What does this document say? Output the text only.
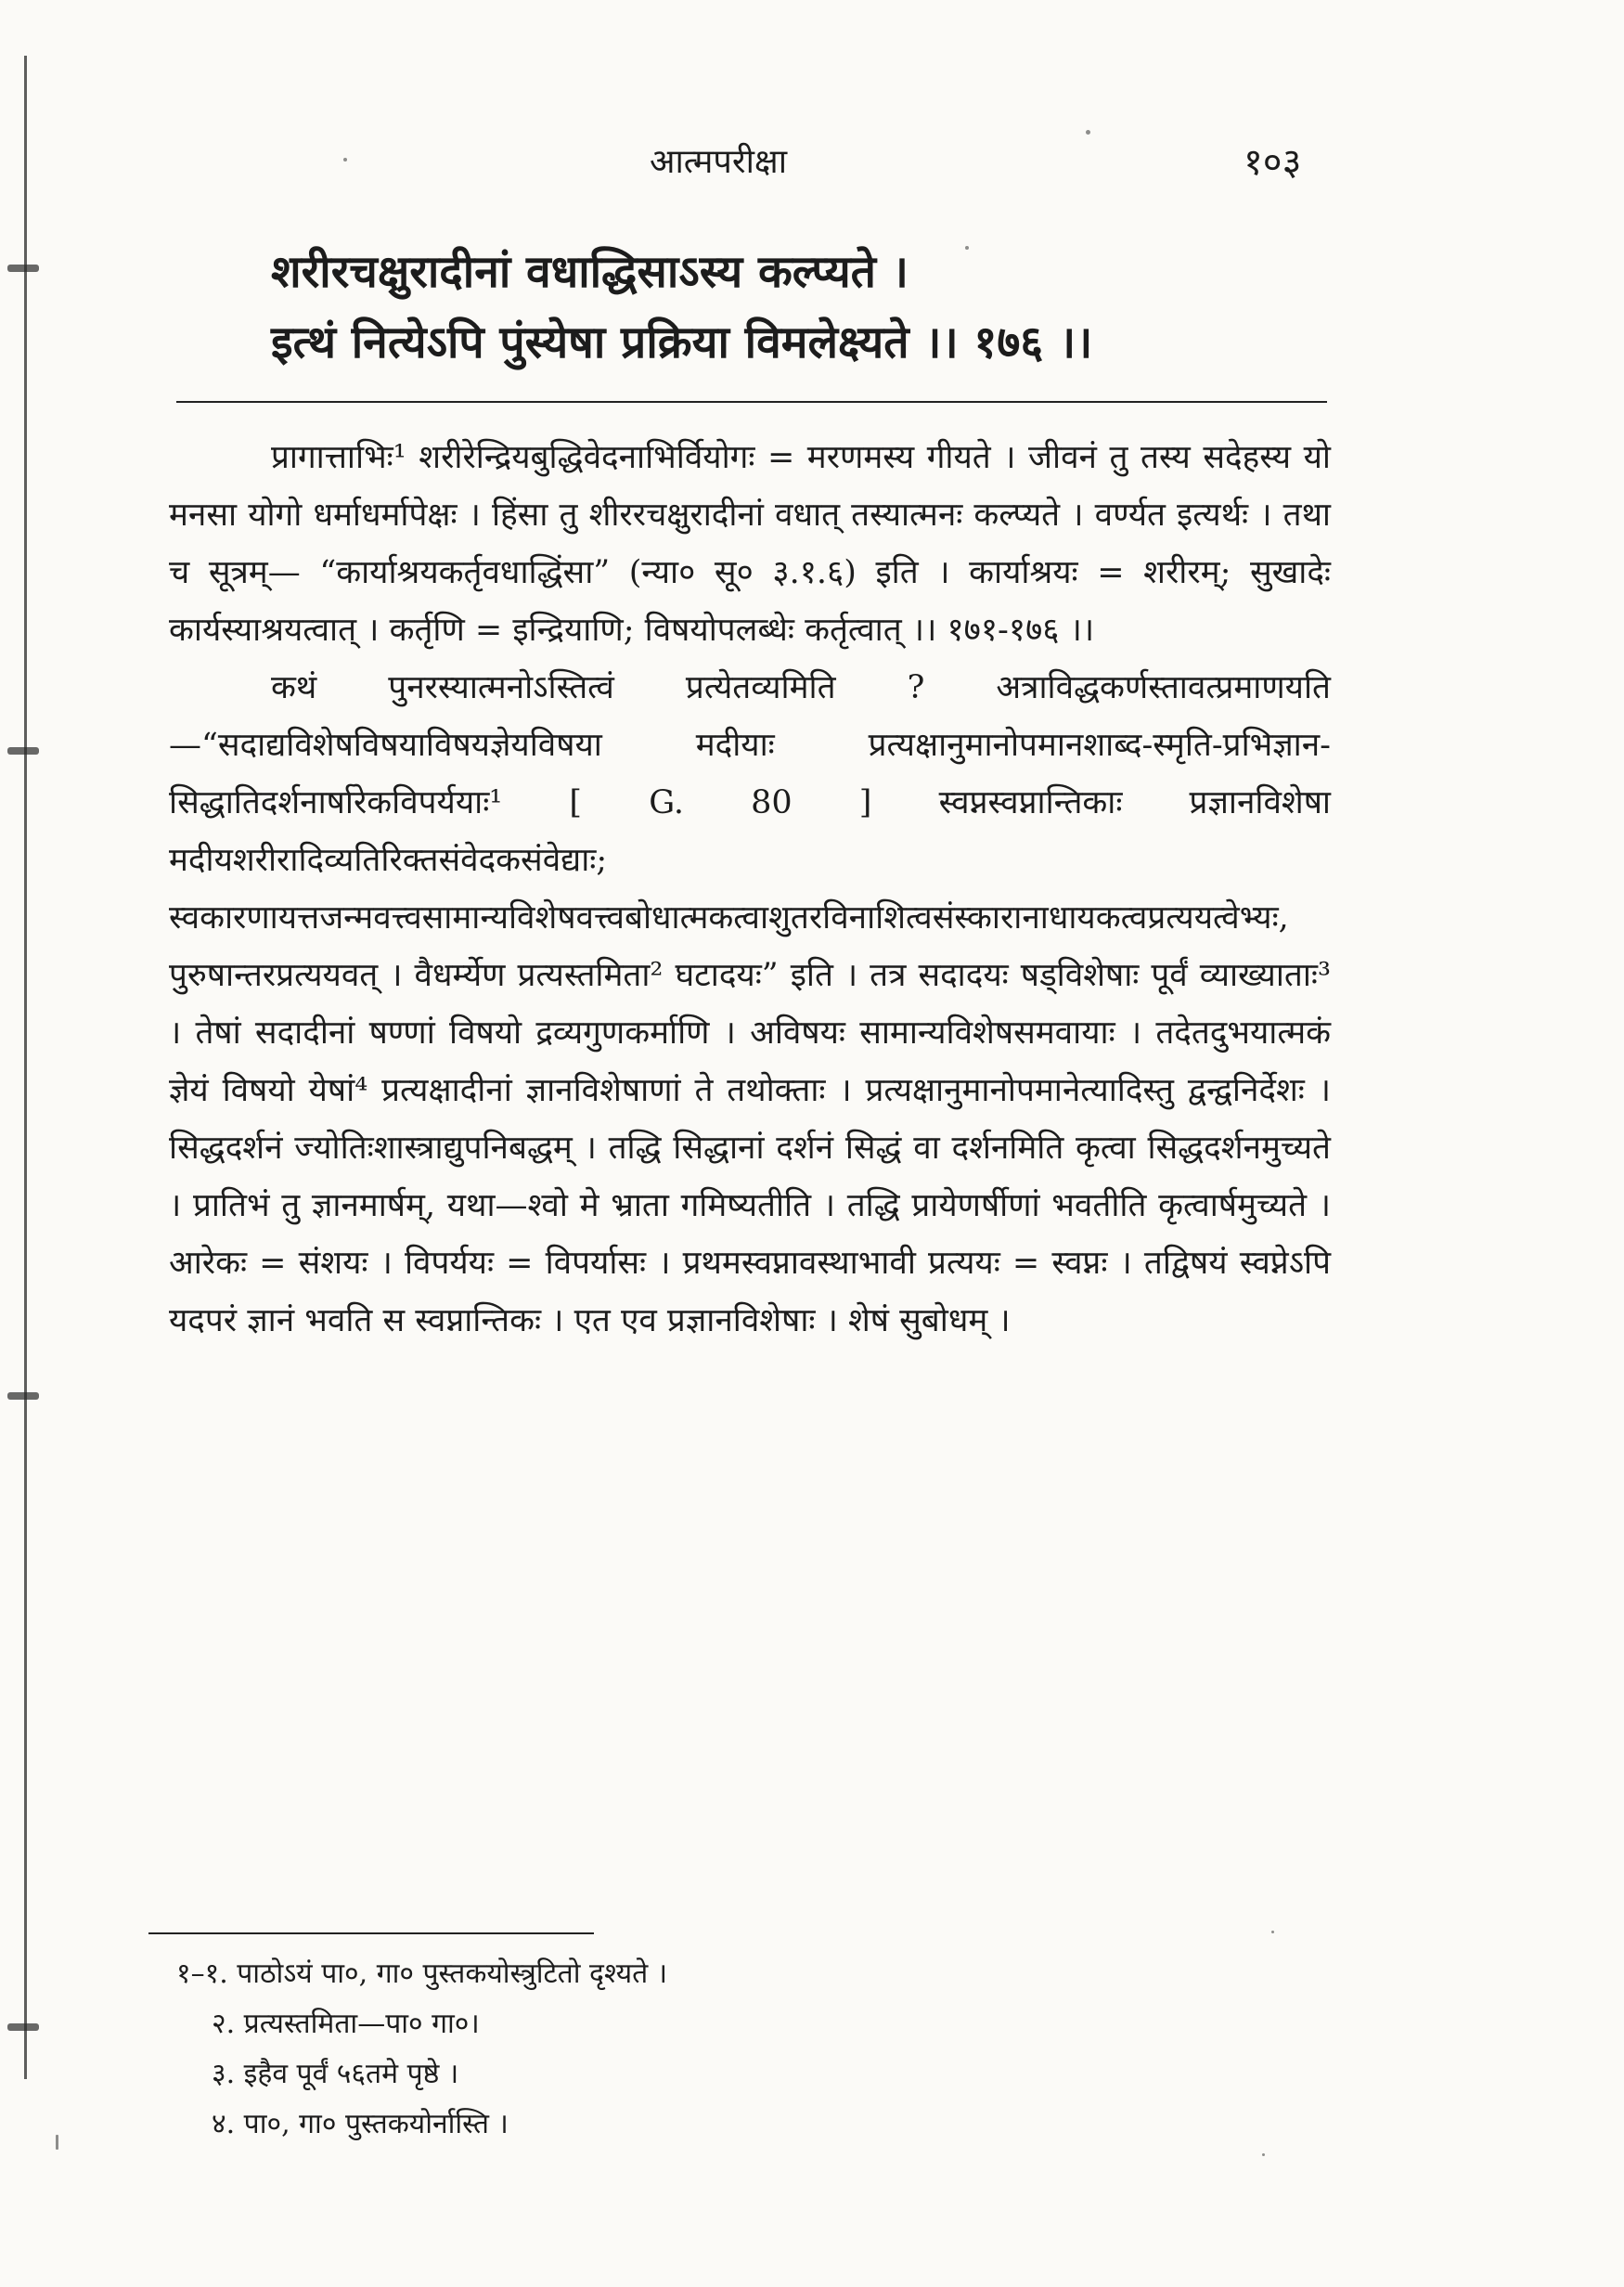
आत्मपरीक्षा	१०३
शरीरचक्षुरादीनां वधाद्धिसाऽस्य कल्प्यते ।
इत्थं नित्येऽपि पुंस्येषा प्रक्रिया विमलेक्ष्यते ।। १७६ ।।

प्रागात्ताभिः¹ शरीरेन्द्रियबुद्धिवेदनाभिर्वियोगः = मरणमस्य गीयते । जीवनं तु तस्य सदेहस्य यो मनसा योगो धर्माधर्मापेक्षः । हिंसा तु शीररचक्षुरादीनां वधात् तस्यात्मनः कल्प्यते । वर्ण्यत इत्यर्थः । तथा च सूत्रम्— “कार्याश्रयकर्तृवधाद्धिंसा” (न्या० सू० ३.१.६) इति । कार्याश्रयः = शरीरम्; सुखादेः कार्यस्याश्रयत्वात् । कर्तृणि = इन्द्रियाणि; विषयोपलब्धेः कर्तृत्वात् ।। १७१-१७६ ।।

कथं पुनरस्यात्मनोऽस्तित्वं प्रत्येतव्यमिति ? अत्राविद्धकर्णस्तावत्प्रमाणयति—“सदाद्यविशेषविषयाविषयज्ञेयविषया मदीयाः प्रत्यक्षानुमानोपमानशाब्द-स्मृति-प्रभिज्ञान-सिद्धातिदर्शनार्षारेकविपर्ययाः¹ [ G. 80 ] स्वप्नस्वप्नान्तिकाः प्रज्ञानविशेषा मदीयशरीरादिव्यतिरिक्तसंवेदकसंवेद्याः; स्वकारणायत्तजन्मवत्त्वसामान्यविशेषवत्त्वबोधात्मकत्वाशुतरविनाशित्वसंस्कारानाधायकत्वप्रत्ययत्वेभ्यः, पुरुषान्तरप्रत्ययवत् । वैधर्म्येण प्रत्यस्तमिता² घटादयः” इति । तत्र सदादयः षड्विशेषाः पूर्वं व्याख्याताः³ । तेषां सदादीनां षण्णां विषयो द्रव्यगुणकर्माणि । अविषयः सामान्यविशेषसमवायाः । तदेतदुभयात्मकं ज्ञेयं विषयो येषां⁴ प्रत्यक्षादीनां ज्ञानविशेषाणां ते तथोक्ताः । प्रत्यक्षानुमानोपमानेत्यादिस्तु द्वन्द्वनिर्देशः । सिद्धदर्शनं ज्योतिःशास्त्राद्युपनिबद्धम् । तद्धि सिद्धानां दर्शनं सिद्धं वा दर्शनमिति कृत्वा सिद्धदर्शनमुच्यते । प्रातिभं तु ज्ञानमार्षम्, यथा—श्वो मे भ्राता गमिष्यतीति । तद्धि प्रायेणर्षीणां भवतीति कृत्वार्षमुच्यते । आरेकः = संशयः । विपर्ययः = विपर्यासः । प्रथमस्वप्नावस्थाभावी प्रत्ययः = स्वप्नः । तद्विषयं स्वप्नेऽपि यदपरं ज्ञानं भवति स स्वप्नान्तिकः । एत एव प्रज्ञानविशेषाः । शेषं सुबोधम् ।

१–१. पाठोऽयं पा०, गा० पुस्तकयोस्त्रुटितो दृश्यते ।

२. प्रत्यस्तमिता—पा० गा०।

३. इहैव पूर्वं ५६तमे पृष्ठे ।

४. पा०, गा० पुस्तकयोर्नास्ति ।
